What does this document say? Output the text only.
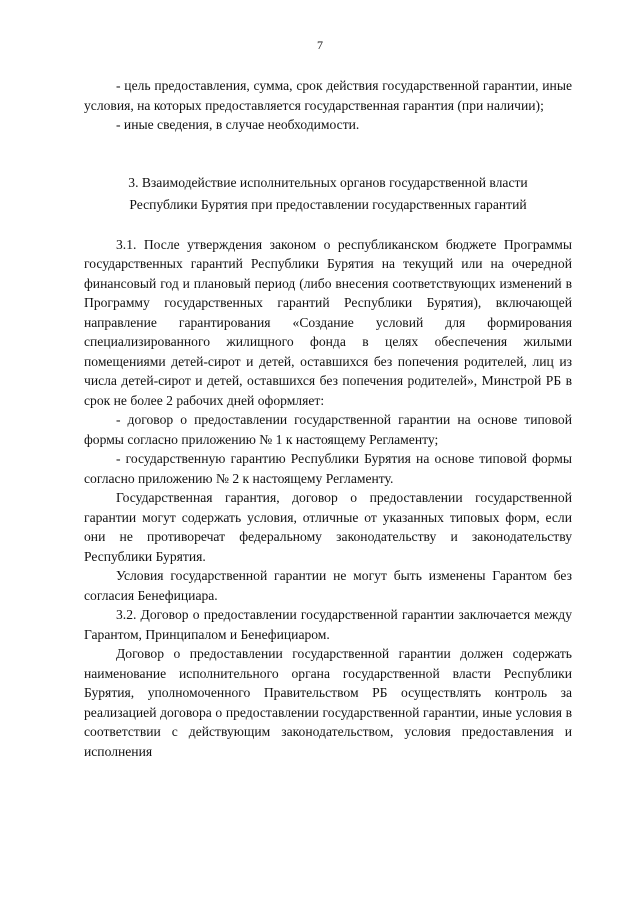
7

- цель предоставления, сумма, срок действия государственной гарантии, иные условия, на которых предоставляется государственная гарантия (при наличии);

- иные сведения, в случае необходимости.

3. Взаимодействие исполнительных органов государственной власти
Республики Бурятия при предоставлении государственных гарантий

3.1. После утверждения законом о республиканском бюджете Программы государственных гарантий Республики Бурятия на текущий или на очередной финансовый год и плановый период (либо внесения соответствующих изменений в Программу государственных гарантий Республики Бурятия), включающей направление гарантирования «Создание условий для формирования специализированного жилищного фонда в целях обеспечения жилыми помещениями детей-сирот и детей, оставшихся без попечения родителей, лиц из числа детей-сирот и детей, оставшихся без попечения родителей», Минстрой РБ в срок не более 2 рабочих дней оформляет:

- договор о предоставлении государственной гарантии на основе типовой формы согласно приложению № 1 к настоящему Регламенту;

- государственную гарантию Республики Бурятия на основе типовой формы согласно приложению № 2 к настоящему Регламенту.

Государственная гарантия, договор о предоставлении государственной гарантии могут содержать условия, отличные от указанных типовых форм, если они не противоречат федеральному законодательству и законодательству Республики Бурятия.

Условия государственной гарантии не могут быть изменены Гарантом без согласия Бенефициара.

3.2. Договор о предоставлении государственной гарантии заключается между Гарантом, Принципалом и Бенефициаром.

Договор о предоставлении государственной гарантии должен содержать наименование исполнительного органа государственной власти Республики Бурятия, уполномоченного Правительством РБ осуществлять контроль за реализацией договора о предоставлении государственной гарантии, иные условия в соответствии с действующим законодательством, условия предоставления и исполнения
